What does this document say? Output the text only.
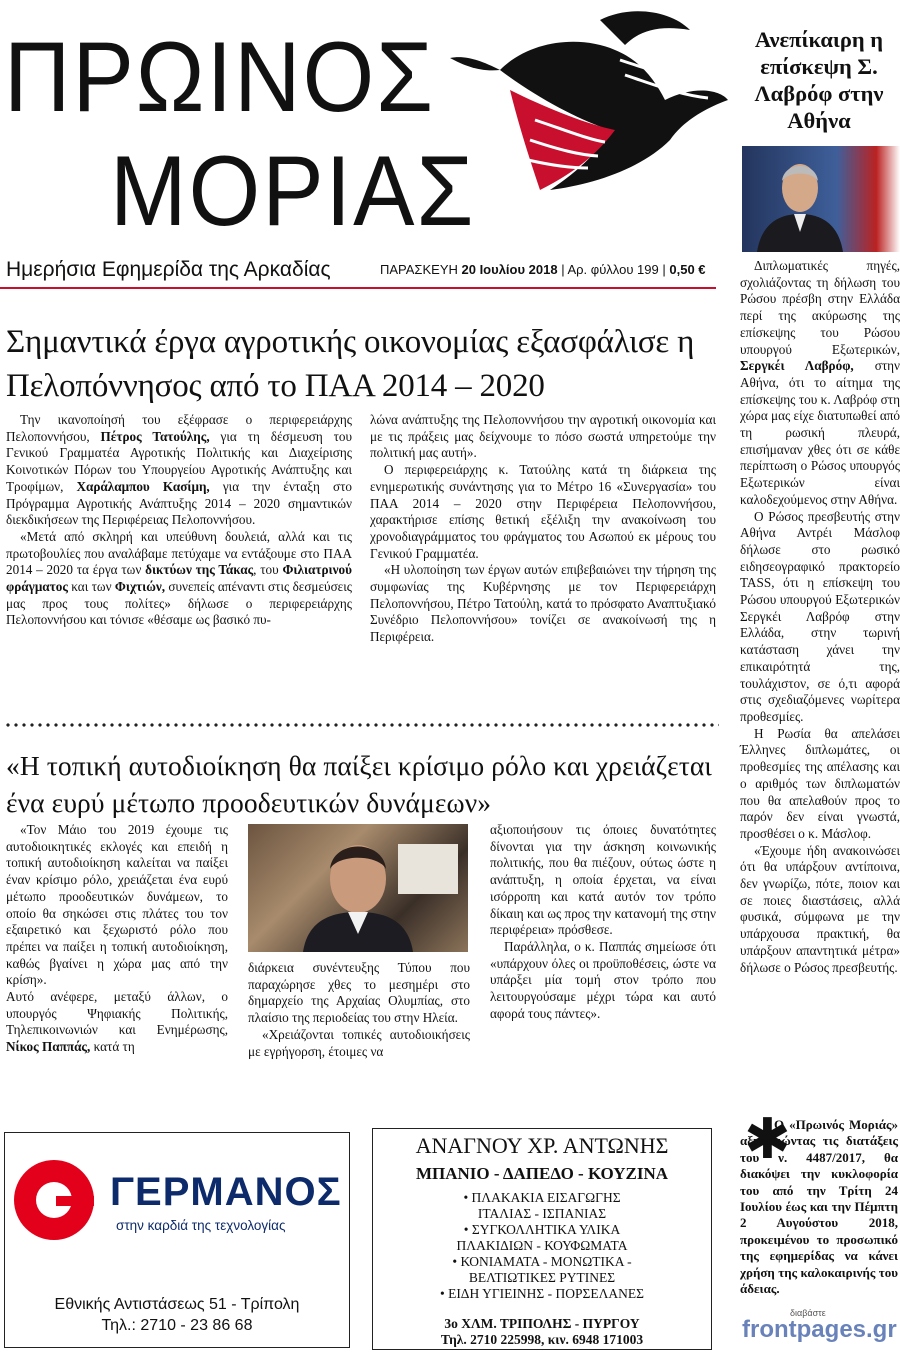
ΠΡΩΙΝΟΣ
ΜΟΡΙΑΣ
Ημερήσια Εφημερίδα της Αρκαδίας	ΠΑΡΑΣΚΕΥΗ 20 Ιουλίου 2018 | Αρ. φύλλου 199 | 0,50 €
Σημαντικά έργα αγροτικής οικονομίας εξασφάλισε η Πελοπόννησος από το ΠΑΑ 2014 – 2020

Την ικανοποίησή του εξέφρασε ο περιφερειάρχης Πελοποννήσου, Πέτρος Τατούλης, για τη δέσμευση του Γενικού Γραμματέα Αγροτικής Πολιτικής και Διαχείρισης Κοινοτικών Πόρων του Υπουργείου Αγροτικής Ανάπτυξης και Τροφίμων, Χαράλαμπου Κασίμη, για την ένταξη στο Πρόγραμμα Αγροτικής Ανάπτυξης 2014 – 2020 σημαντικών διεκδικήσεων της Περιφέρειας Πελοποννήσου.

«Μετά από σκληρή και υπεύθυνη δουλειά, αλλά και τις πρωτοβουλίες που αναλάβαμε πετύχαμε να εντάξουμε στο ΠΑΑ 2014 – 2020 τα έργα των δικτύων της Τάκας, του Φιλιατρινού φράγματος και των Φιχτιών, συνεπείς απέναντι στις δεσμεύσεις μας προς τους πολίτες» δήλωσε ο περιφερειάρχης Πελοποννήσου και τόνισε «θέσαμε ως βασικό πυ-

λώνα ανάπτυξης της Πελοποννήσου την αγροτική οικονομία και με τις πράξεις μας δείχνουμε το πόσο σωστά υπηρετούμε την πολιτική μας αυτή».

Ο περιφερειάρχης κ. Τατούλης κατά τη διάρκεια της ενημερωτικής συνάντησης για το Μέτρο 16 «Συνεργασία» του ΠΑΑ 2014 – 2020 στην Περιφέρεια Πελοποννήσου, χαρακτήρισε επίσης θετική εξέλιξη την ανακοίνωση του χρονοδιαγράμματος του φράγματος του Ασωπού εκ μέρους του Γενικού Γραμματέα.

«Η υλοποίηση των έργων αυτών επιβεβαιώνει την τήρηση της συμφωνίας της Κυβέρνησης με τον Περιφερειάρχη Πελοποννήσου, Πέτρο Τατούλη, κατά το πρόσφατο Αναπτυξιακό Συνέδριο Πελοποννήσου» τονίζει σε ανακοίνωσή της η Περιφέρεια.

«Η τοπική αυτοδιοίκηση θα παίξει κρίσιμο ρόλο και χρειάζεται ένα ευρύ μέτωπο προοδευτικών δυνάμεων»

«Τον Μάιο του 2019 έχουμε τις αυτοδιοικητικές εκλογές και επειδή η τοπική αυτοδιοίκηση καλείται να παίξει έναν κρίσιμο ρόλο, χρειάζεται ένα ευρύ μέτωπο προοδευτικών δυνάμεων, το οποίο θα σηκώσει στις πλάτες του τον εξαιρετικό και ξεχωριστό ρόλο που πρέπει να παίξει η τοπική αυτοδιοίκηση, καθώς βγαίνει η χώρα μας από την κρίση».

Αυτό ανέφερε, μεταξύ άλλων, ο υπουργός Ψηφιακής Πολιτικής, Τηλεπικοινωνιών και Ενημέρωσης, Νίκος Παππάς, κατά τη

διάρκεια συνέντευξης Τύπου που παραχώρησε χθες το μεσημέρι στο δημαρχείο της Αρχαίας Ολυμπίας, στο πλαίσιο της περιοδείας του στην Ηλεία.

«Χρειάζονται τοπικές αυτοδιοικήσεις με εγρήγορση, έτοιμες να

αξιοποιήσουν τις όποιες δυνατότητες δίνονται για την άσκηση κοινωνικής πολιτικής, που θα πιέζουν, ούτως ώστε η ανάπτυξη, η οποία έρχεται, να είναι ισόρροπη και κατά αυτόν τον τρόπο δίκαιη και ως προς την κατανομή της στην περιφέρεια» πρόσθεσε.

Παράλληλα, ο κ. Παππάς σημείωσε ότι «υπάρχουν όλες οι προϋποθέσεις, ώστε να υπάρξει μία τομή στον τρόπο που λειτουργούσαμε μέχρι τώρα και αυτό αφορά τους πάντες».

Ανεπίκαιρη η επίσκεψη Σ. Λαβρόφ στην Αθήνα

Διπλωματικές πηγές, σχολιάζοντας τη δήλωση του Ρώσου πρέσβη στην Ελλάδα περί της ακύρωσης της επίσκεψης του Ρώσου υπουργού Εξωτερικών, Σεργκέι Λαβρόφ, στην Αθήνα, ότι το αίτημα της επίσκεψης του κ. Λαβρόφ στη χώρα μας είχε διατυπωθεί από τη ρωσική πλευρά, επισήμαναν χθες ότι σε κάθε περίπτωση ο Ρώσος υπουργός Εξωτερικών είναι καλοδεχούμενος στην Αθήνα.

Ο Ρώσος πρεσβευτής στην Αθήνα Αντρέι Μάσλοφ δήλωσε στο ρωσικό ειδησεογραφικό πρακτορείο TASS, ότι η επίσκεψη του Ρώσου υπουργού Εξωτερικών Σεργκέι Λαβρόφ στην Ελλάδα, στην τωρινή κατάσταση χάνει την επικαιρότητά της, τουλάχιστον, σε ό,τι αφορά στις σχεδιαζόμενες νωρίτερα προθεσμίες.

Η Ρωσία θα απελάσει Έλληνες διπλωμάτες, οι προθεσμίες της απέλασης και ο αριθμός των διπλωματών που θα απελαθούν προς το παρόν δεν είναι γνωστά, προσθέσει ο κ. Μάσλοφ.

«Έχουμε ήδη ανακοινώσει ότι θα υπάρξουν αντίποινα, δεν γνωρίζω, πότε, ποιον και σε ποιες διαστάσεις, αλλά φυσικά, σύμφωνα με την υπάρχουσα πρακτική, θα υπάρξουν απαντητικά μέτρα» δήλωσε ο Ρώσος πρεσβευτής.

ΓΕΡΜΑΝΟΣ
στην καρδιά της τεχνολογίας
Εθνικής Αντιστάσεως 51 - Τρίπολη
Τηλ.: 2710 - 23 86 68
ΑΝΑΓΝΟΥ ΧΡ. ΑΝΤΩΝΗΣ
ΜΠΑΝΙΟ - ΔΑΠΕΔΟ - ΚΟΥΖΙΝΑ
• ΠΛΑΚΑΚΙΑ ΕΙΣΑΓΩΓΗΣ
ΙΤΑΛΙΑΣ - ΙΣΠΑΝΙΑΣ
• ΣΥΓΚΟΛΛΗΤΙΚΑ ΥΛΙΚΑ
ΠΛΑΚΙΔΙΩΝ - ΚΟΥΦΩΜΑΤΑ
• ΚΟΝΙΑΜΑΤΑ - ΜΟΝΩΤΙΚΑ -
ΒΕΛΤΙΩΤΙΚΕΣ ΡΥΤΙΝΕΣ
• ΕΙΔΗ ΥΓΙΕΙΝΗΣ - ΠΟΡΣΕΛΑΝΕΣ
3ο ΧΛΜ. ΤΡΙΠΟΛΗΣ - ΠΥΡΓΟΥ
Τηλ. 2710 225998, κιν. 6948 171003
✱

Ο «Πρωινός Μοριάς» αξιοποιώντας τις διατάξεις του ν. 4487/2017, θα διακόψει την κυκλοφορία του από την Τρίτη 24 Ιουλίου έως και την Πέμπτη 2 Αυγούστου 2018, προκειμένου το προσωπικό της εφημερίδας να κάνει χρήση της καλοκαιρινής του άδειας.

διαβάστε
frontpages.gr
